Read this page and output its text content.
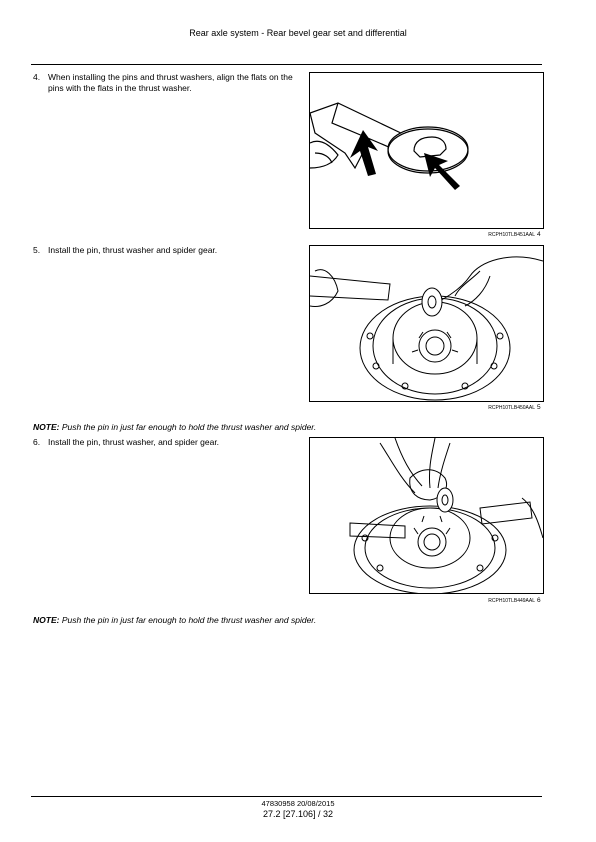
Rear axle system - Rear bevel gear set and differential
4. When installing the pins and thrust washers, align the flats on the pins with the flats in the thrust washer.
RCPH10TLB451AAL 4
5. Install the pin, thrust washer and spider gear.
RCPH10TLB450AAL 5
NOTE: Push the pin in just far enough to hold the thrust washer and spider.
6. Install the pin, thrust washer, and spider gear.
RCPH10TLB449AAL 6
NOTE: Push the pin in just far enough to hold the thrust washer and spider.
47830958 20/08/2015
27.2 [27.106] / 32
